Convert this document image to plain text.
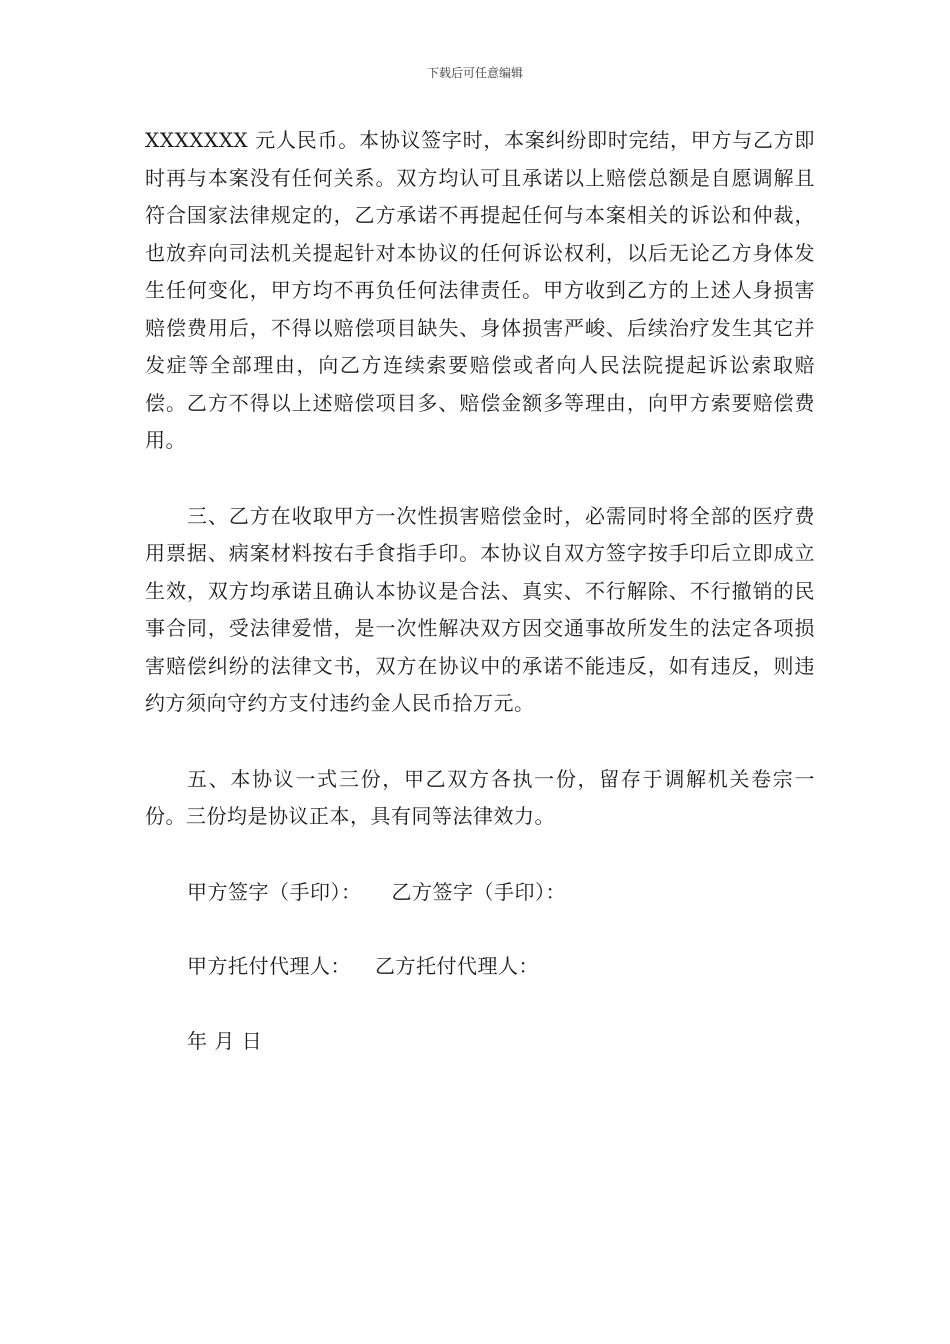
下载后可任意编辑

XXXXXXX 元人民币。本协议签字时，本案纠纷即时完结，甲方与乙方即时再与本案没有任何关系。双方均认可且承诺以上赔偿总额是自愿调解且符合国家法律规定的，乙方承诺不再提起任何与本案相关的诉讼和仲裁，也放弃向司法机关提起针对本协议的任何诉讼权利，以后无论乙方身体发生任何变化，甲方均不再负任何法律责任。甲方收到乙方的上述人身损害赔偿费用后，不得以赔偿项目缺失、身体损害严峻、后续治疗发生其它并发症等全部理由，向乙方连续索要赔偿或者向人民法院提起诉讼索取赔偿。乙方不得以上述赔偿项目多、赔偿金额多等理由，向甲方索要赔偿费用。

三、乙方在收取甲方一次性损害赔偿金时，必需同时将全部的医疗费用票据、病案材料按右手食指手印。本协议自双方签字按手印后立即成立生效，双方均承诺且确认本协议是合法、真实、不行解除、不行撤销的民事合同，受法律爱惜，是一次性解决双方因交通事故所发生的法定各项损害赔偿纠纷的法律文书，双方在协议中的承诺不能违反，如有违反，则违约方须向守约方支付违约金人民币拾万元。

五、本协议一式三份，甲乙双方各执一份，留存于调解机关卷宗一份。三份均是协议正本，具有同等法律效力。

甲方签字（手印）： 乙方签字（手印）：

甲方托付代理人： 乙方托付代理人：

年 月 日
